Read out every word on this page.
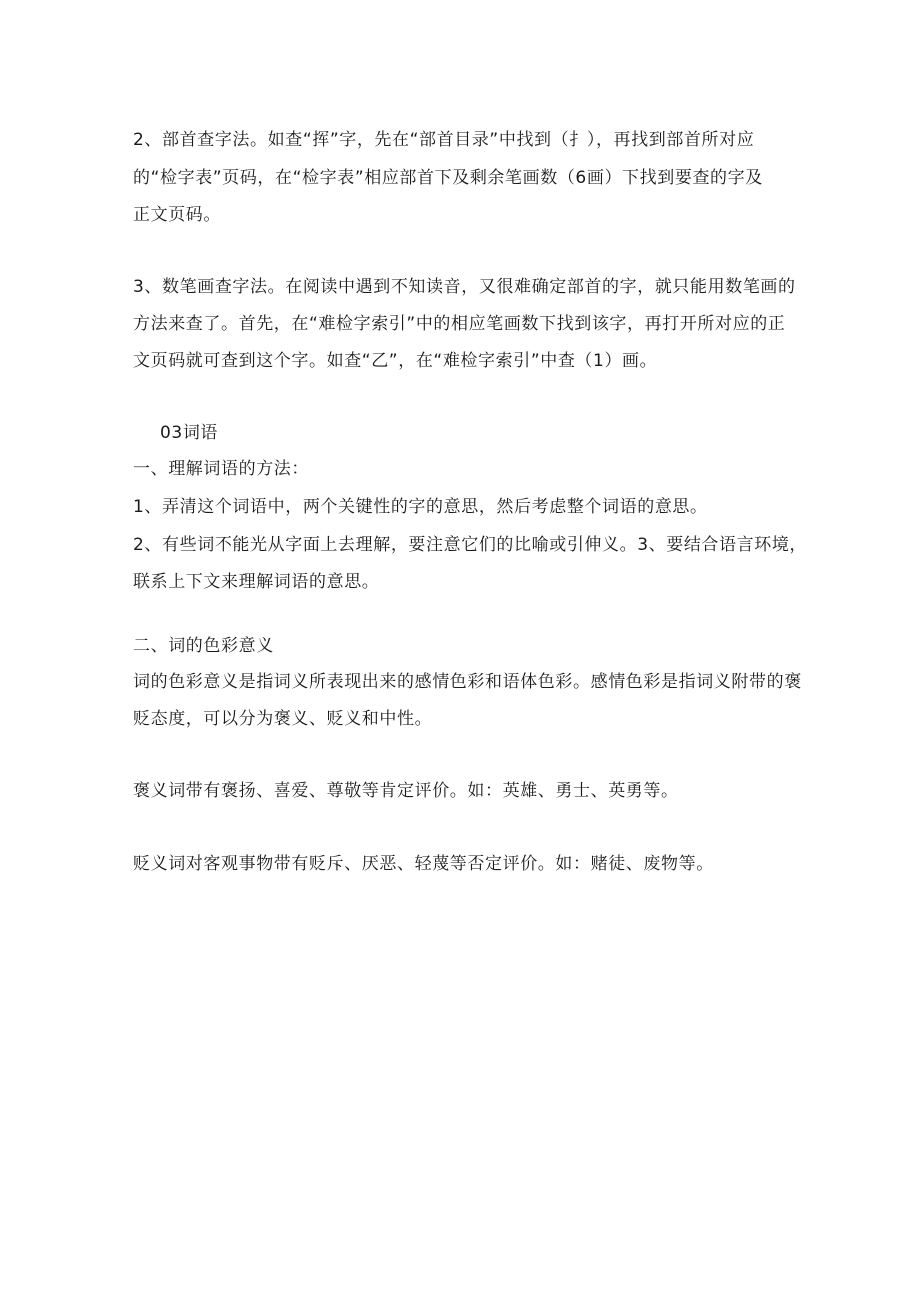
2、部首查字法。如查“挥”字，先在“部首目录”中找到（扌），再找到部首所对应
的“检字表”页码，在“检字表”相应部首下及剩余笔画数（6画）下找到要查的字及
正文页码。
3、数笔画查字法。在阅读中遇到不知读音，又很难确定部首的字，就只能用数笔画的
方法来查了。首先，在“难检字索引”中的相应笔画数下找到该字，再打开所对应的正
文页码就可查到这个字。如查“乙”，在“难检字索引”中查（1）画。
03词语
一、理解词语的方法：
1、弄清这个词语中，两个关键性的字的意思，然后考虑整个词语的意思。
2、有些词不能光从字面上去理解，要注意它们的比喻或引伸义。3、要结合语言环境，
联系上下文来理解词语的意思。
二、词的色彩意义
词的色彩意义是指词义所表现出来的感情色彩和语体色彩。感情色彩是指词义附带的褒
贬态度，可以分为褒义、贬义和中性。
褒义词带有褒扬、喜爱、尊敬等肯定评价。如：英雄、勇士、英勇等。
贬义词对客观事物带有贬斥、厌恶、轻蔑等否定评价。如：赌徒、废物等。
